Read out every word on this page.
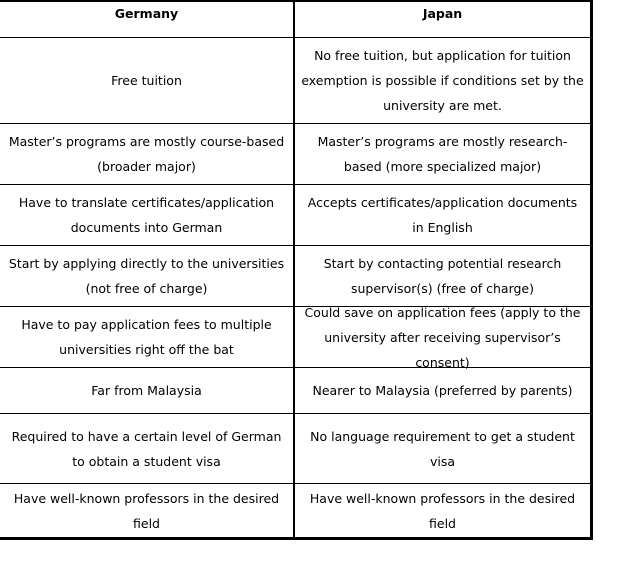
Germany	Japan
Free tuition
No free tuition, but application for tuition exemption is possible if conditions set by the university are met.
Master’s programs are mostly course-based (broader major)
Master’s programs are mostly research-based (more specialized major)
Have to translate certificates/application documents into German
Accepts certificates/application documents in English
Start by applying directly to the universities (not free of charge)
Start by contacting potential research supervisor(s) (free of charge)
Have to pay application fees to multiple universities right off the bat
Could save on application fees (apply to the university after receiving supervisor’s consent)
Far from Malaysia	Nearer to Malaysia (preferred by parents)
Required to have a certain level of German to obtain a student visa
No language requirement to get a student visa
Have well-known professors in the desired field
Have well-known professors in the desired field
